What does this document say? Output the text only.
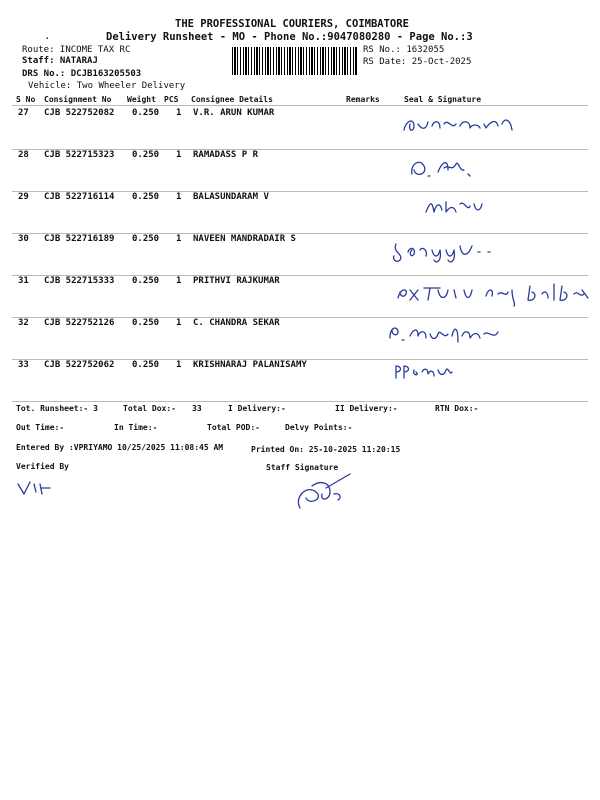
THE PROFESSIONAL COURIERS, COIMBATORE
.	Delivery Runsheet - MO - Phone No.:9047080280 - Page No.:3
Route: INCOME TAX RC
Staff: NATARAJ
DRS No.: DCJB163205503
Vehicle: Two Wheeler Delivery
RS No.: 1632055
RS Date: 25-Oct-2025
S No Consignment No Weight PCS Consignee Details	Remarks	Seal & Signature
27 CJB 522752082 0.250 1 V.R. ARUN KUMAR
28 CJB 522715323 0.250 1 RAMADASS P R
29 CJB 522716114 0.250 1 BALASUNDARAM V
30 CJB 522716189 0.250 1 NAVEEN MANDRADAIR S
31 CJB 522715333 0.250 1 PRITHVI RAJKUMAR
32 CJB 522752126 0.250 1 C. CHANDRA SEKAR
33 CJB 522752062 0.250 1 KRISHNARAJ PALANISAMY
Tot. Runsheet:- 3	Total Dox:- 33	I Delivery:-	II Delivery:-	RTN Dox:-
Out Time:-	In Time:-	Total POD:-	Delvy Points:-
Entered By :VPRIYAMO 10/25/2025 11:08:45 AM	Printed On: 25-10-2025 11:20:15
Verified By	Staff Signature
